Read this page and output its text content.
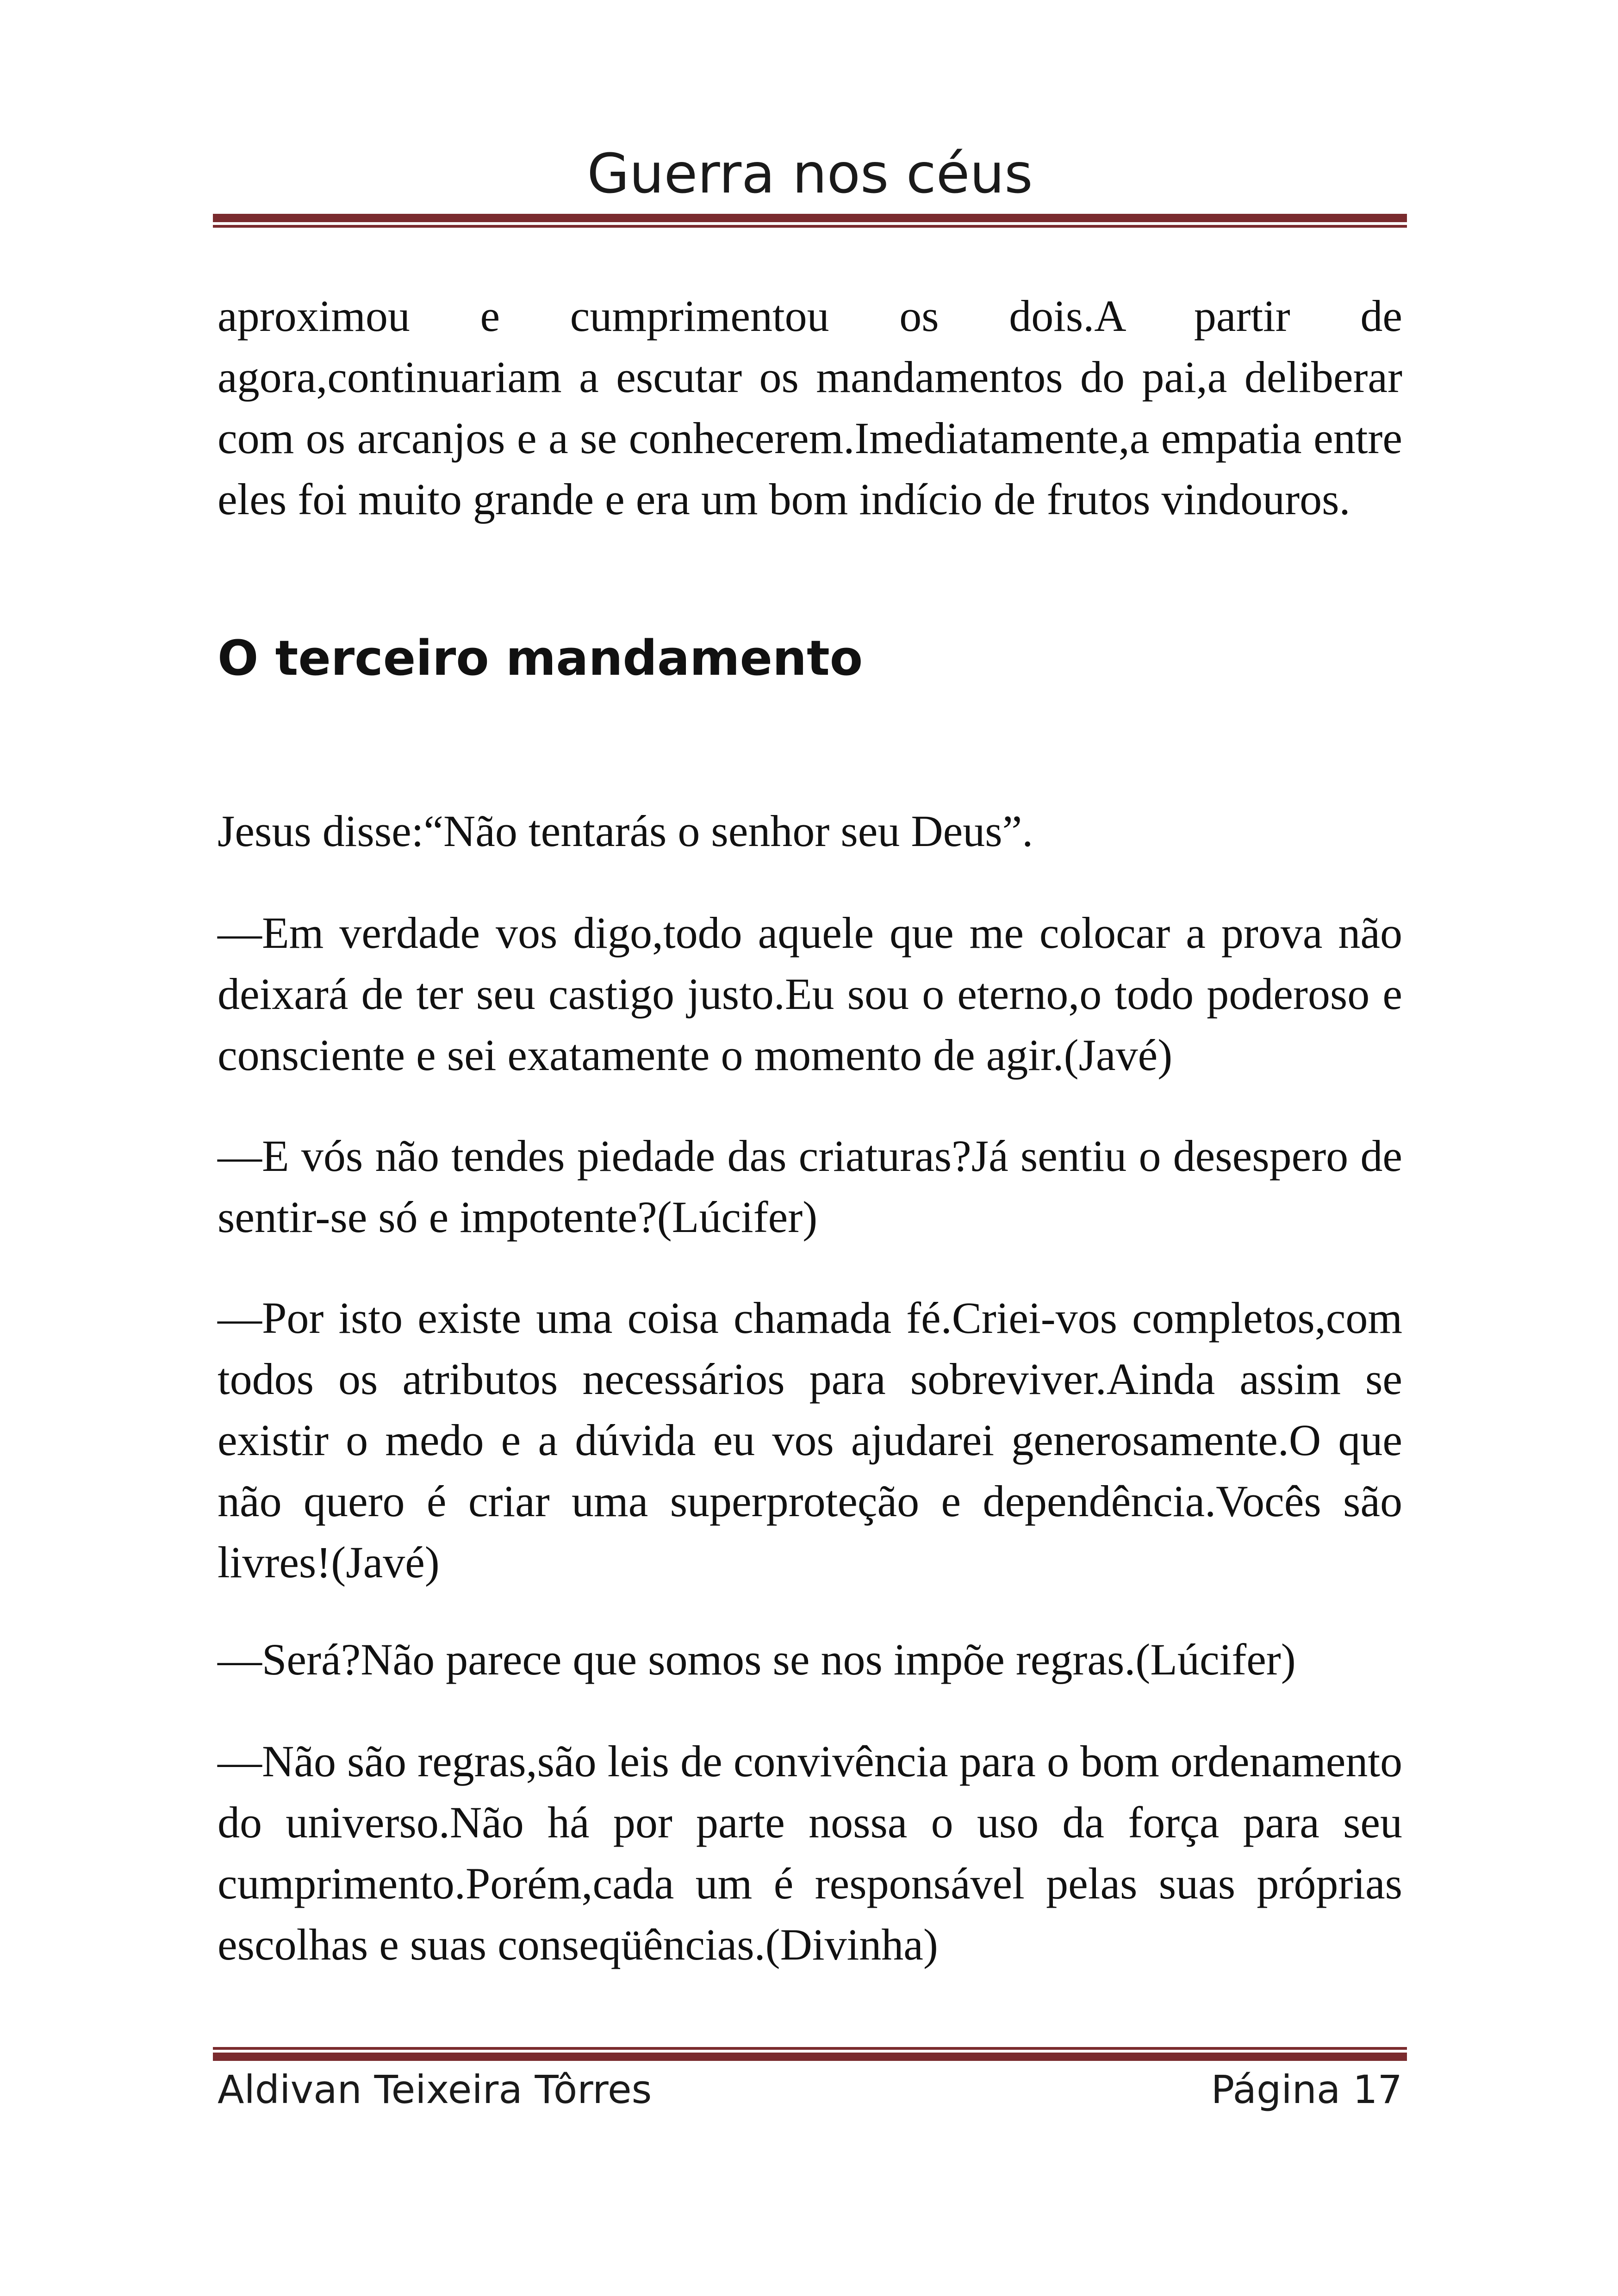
Guerra nos céus

aproximou e cumprimentou os dois.A partir de agora,continuariam a escutar os mandamentos do pai,a deliberar com os arcanjos e a se conhecerem.Imediatamente,a empatia entre eles foi muito grande e era um bom indício de frutos vindouros.

O terceiro mandamento

Jesus disse:“Não tentarás o senhor seu Deus”.

—Em verdade vos digo,todo aquele que me colocar a prova não deixará de ter seu castigo justo.Eu sou o eterno,o todo poderoso e consciente e sei exatamente o momento de agir.(Javé)

—E vós não tendes piedade das criaturas?Já sentiu o desespero de sentir-se só e impotente?(Lúcifer)

—Por isto existe uma coisa chamada fé.Criei-vos completos,com todos os atributos necessários para sobreviver.Ainda assim se existir o medo e a dúvida eu vos ajudarei generosamente.O que não quero é criar uma superproteção e dependência.Vocês são livres!(Javé)

—Será?Não parece que somos se nos impõe regras.(Lúcifer)

—Não são regras,são leis de convivência para o bom ordenamento do universo.Não há por parte nossa o uso da força para seu cumprimento.Porém,cada um é responsável pelas suas próprias escolhas e suas conseqüências.(Divinha)

Aldivan Teixeira Tôrres	Página 17
